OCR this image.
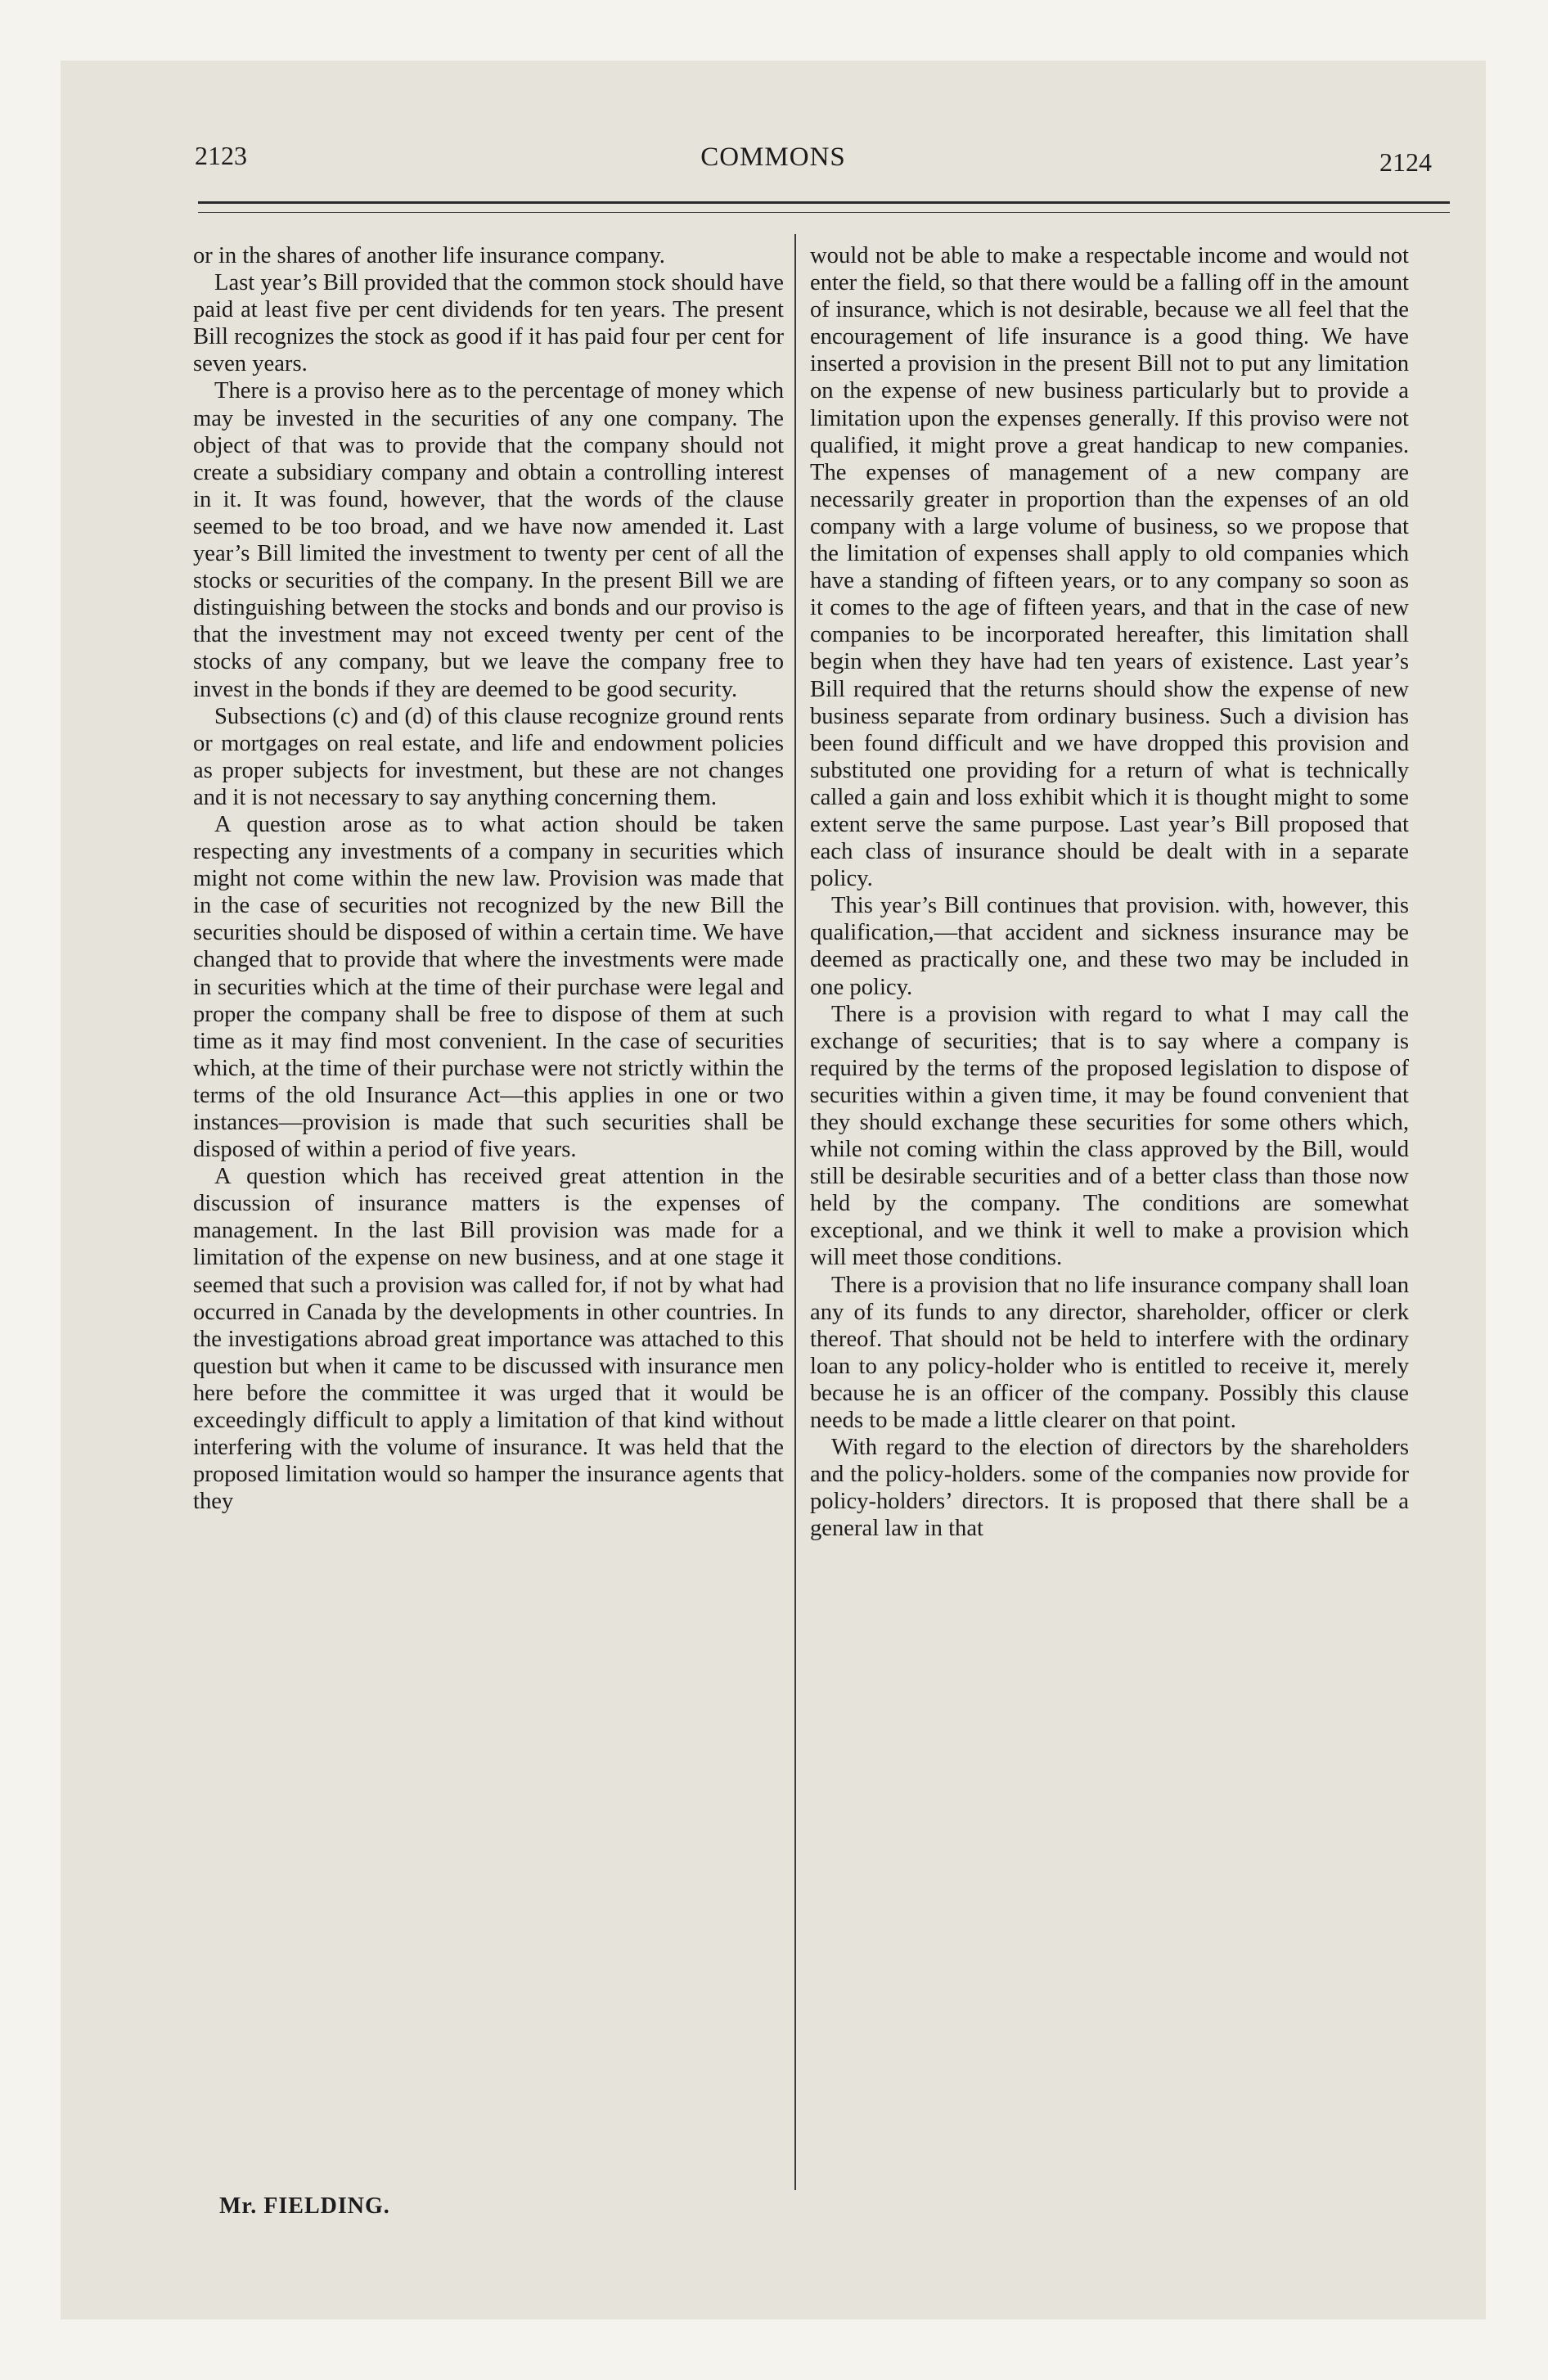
2123	COMMONS	2124

or in the shares of another life insurance company.

Last year’s Bill provided that the common stock should have paid at least five per cent dividends for ten years. The present Bill recognizes the stock as good if it has paid four per cent for seven years.

There is a proviso here as to the percentage of money which may be invested in the securities of any one company. The object of that was to provide that the company should not create a subsidiary company and obtain a controlling interest in it. It was found, however, that the words of the clause seemed to be too broad, and we have now amended it. Last year’s Bill limited the investment to twenty per cent of all the stocks or securities of the company. In the present Bill we are distinguishing between the stocks and bonds and our proviso is that the investment may not exceed twenty per cent of the stocks of any company, but we leave the company free to invest in the bonds if they are deemed to be good security.

Subsections (c) and (d) of this clause recognize ground rents or mortgages on real estate, and life and endowment policies as proper subjects for investment, but these are not changes and it is not necessary to say anything concerning them.

A question arose as to what action should be taken respecting any investments of a company in securities which might not come within the new law. Provision was made that in the case of securities not recognized by the new Bill the securities should be disposed of within a certain time. We have changed that to provide that where the investments were made in securities which at the time of their purchase were legal and proper the company shall be free to dispose of them at such time as it may find most convenient. In the case of securities which, at the time of their purchase were not strictly within the terms of the old Insurance Act—this applies in one or two instances—provision is made that such securities shall be disposed of within a period of five years.

A question which has received great attention in the discussion of insurance matters is the expenses of management. In the last Bill provision was made for a limitation of the expense on new business, and at one stage it seemed that such a provision was called for, if not by what had occurred in Canada by the developments in other countries. In the investigations abroad great importance was attached to this question but when it came to be discussed with insurance men here before the committee it was urged that it would be exceedingly difficult to apply a limitation of that kind without interfering with the volume of insurance. It was held that the proposed limitation would so hamper the insurance agents that they

would not be able to make a respectable income and would not enter the field, so that there would be a falling off in the amount of insurance, which is not desirable, because we all feel that the encouragement of life insurance is a good thing. We have inserted a provision in the present Bill not to put any limitation on the expense of new business particularly but to provide a limitation upon the expenses generally. If this proviso were not qualified, it might prove a great handicap to new companies. The expenses of management of a new company are necessarily greater in proportion than the expenses of an old company with a large volume of business, so we propose that the limitation of expenses shall apply to old companies which have a standing of fifteen years, or to any company so soon as it comes to the age of fifteen years, and that in the case of new companies to be incorporated hereafter, this limitation shall begin when they have had ten years of existence. Last year’s Bill required that the returns should show the expense of new business separate from ordinary business. Such a division has been found difficult and we have dropped this provision and substituted one providing for a return of what is technically called a gain and loss exhibit which it is thought might to some extent serve the same purpose. Last year’s Bill proposed that each class of insurance should be dealt with in a separate policy.

This year’s Bill continues that provision. with, however, this qualification,—that accident and sickness insurance may be deemed as practically one, and these two may be included in one policy.

There is a provision with regard to what I may call the exchange of securities; that is to say where a company is required by the terms of the proposed legislation to dispose of securities within a given time, it may be found convenient that they should exchange these securities for some others which, while not coming within the class approved by the Bill, would still be desirable securities and of a better class than those now held by the company. The conditions are somewhat exceptional, and we think it well to make a provision which will meet those conditions.

There is a provision that no life insurance company shall loan any of its funds to any director, shareholder, officer or clerk thereof. That should not be held to interfere with the ordinary loan to any policy-holder who is entitled to receive it, merely because he is an officer of the company. Possibly this clause needs to be made a little clearer on that point.

With regard to the election of directors by the shareholders and the policy-holders. some of the companies now provide for policy-holders’ directors. It is proposed that there shall be a general law in that

Mr. FIELDING.
